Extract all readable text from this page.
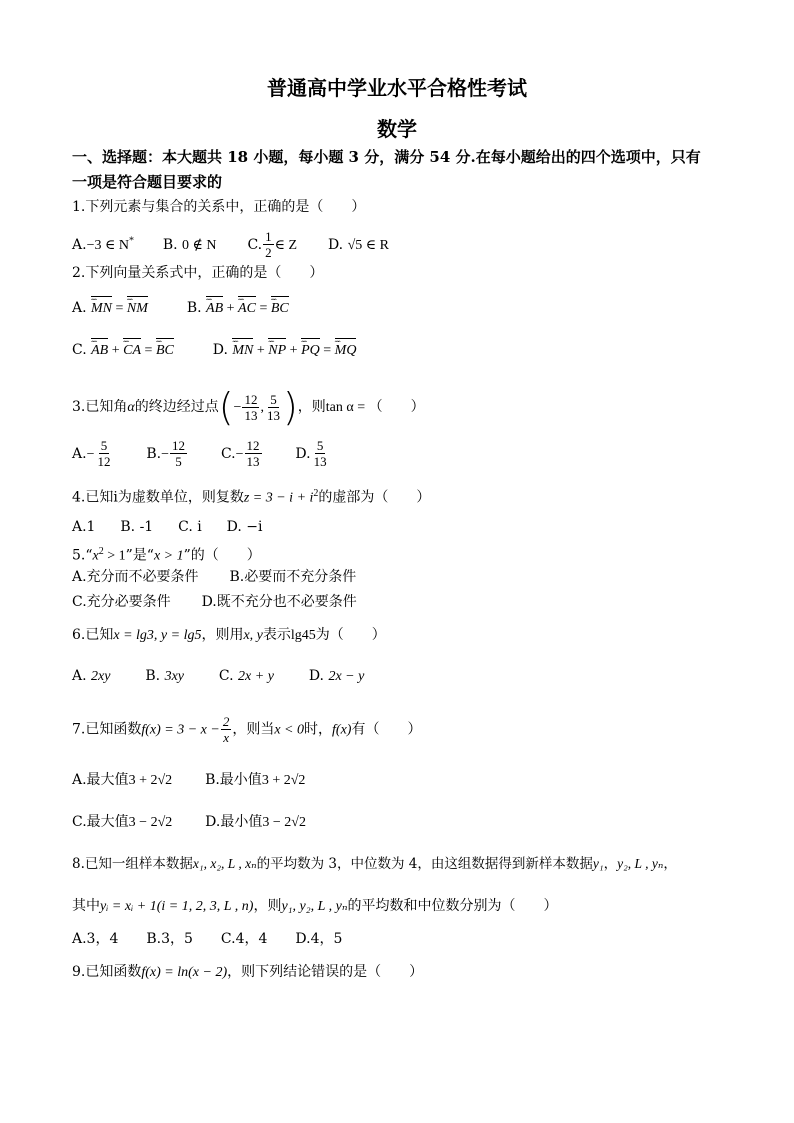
普通高中学业水平合格性考试
数学
一、选择题：本大题共 18 小题，每小题 3 分，满分 54 分.在每小题给出的四个选项中，只有
一项是符合题目要求的
1.下列元素与集合的关系中，正确的是（　　）
A.−3 ∈ N* B. 0 ∉ N C. $\frac{1}{2}$ ∈ Z D. √5 ∈ R
2.下列向量关系式中，正确的是（　　）
A. MN ꞈꞈꞈ = NM ꞈꞈꞈ	B. AB ꞈꞈꞈ + AC ꞈꞈꞈ = BC ꞈꞈꞈ
C. AB ꞈꞈꞈ + CA ꞈꞈꞈ = BC ꞈꞈꞈ	D. MN ꞈꞈꞈ + NP ꞈꞈꞈ + PQ ꞈꞈꞈ = MQ ꞈꞈꞈ
3.已知角α的终边经过点(− $\frac{12}{13}$ , $\frac{5}{13}$ )，则tan α = （　　）
$A.- \frac{5}{12} B.- \frac{12}{5} C.- \frac{12}{13} D$. $\frac{5}{13}$
4.已知i为虚数单位，则复数$z = 3 - i + i^2$的虚部为（　　）
A.1 B. -1 C. i D. −i
$5.“x^2 > 1$”是“x > 1”的（　　）
A.充分而不必要条件 B.必要而不充分条件
C.充分必要条件 D.既不充分也不必要条件
6.已知x = lg3, y = lg5，则用x, y表示lg45为（　　）
A. 2xy B. 3xy C. 2x + y D. 2x − y
7.已知函数$f(x) = 3 - x - \frac{2}{x}$ ，则当x < 0时，f(x)有（　　）
A.最大值3 + 2√2 B.最小值3 + 2√2
C.最大值3 − 2√2 D.最小值3 − 2√2
8.已知一组样本数据x₁, x₂, L , xₙ的平均数为 3，中位数为 4，由这组数据得到新样本数据y₁，y₂, L , yₙ，
其中yᵢ = xᵢ + 1(i = 1, 2, 3, L , n)，则y₁, y₂, L , yₙ的平均数和中位数分别为（　　）
A.3，4　　B.3，5　　C.4，4　　D.4，5
9.已知函数f(x) = ln(x − 2)，则下列结论错误的是（　　）
